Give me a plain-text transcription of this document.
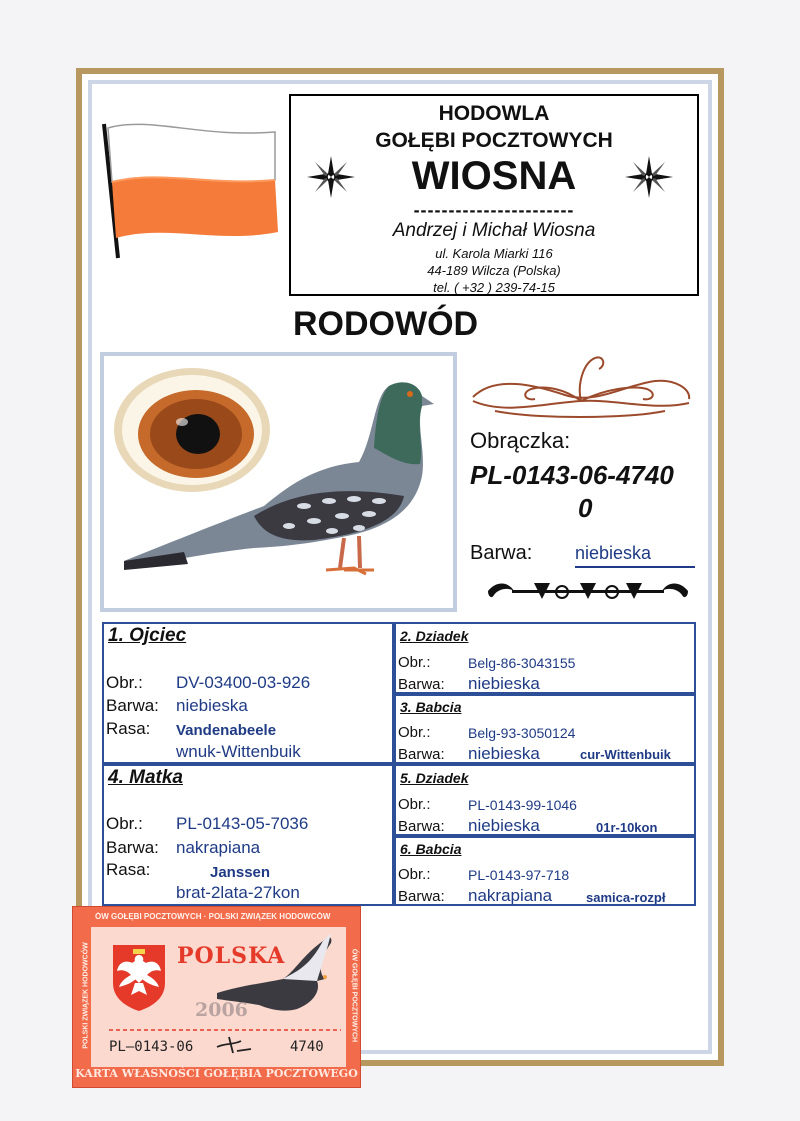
HODOWLA
GOŁĘBI POCZTOWYCH
WIOSNA
-----------------------
Andrzej i Michał Wiosna
ul. Karola Miarki 116
44-189 Wilcza (Polska)
tel. ( +32 ) 239-74-15
RODOWÓD
Obrączka:
PL-0143-06-4740
0
Barwa: niebieska
1. Ojciec
Obr.: DV-03400-03-926
Barwa: niebieska
Rasa: Vandenabeele
wnuk-Wittenbuik
4. Matka
Obr.: PL-0143-05-7036
Barwa: nakrapiana
Rasa:	Janssen
brat-2lata-27kon
2. Dziadek
Obr.:	Belg-86-3043155
Barwa: niebieska
3. Babcia
Obr.:	Belg-93-3050124
Barwa: niebieska	cur-Wittenbuik
5. Dziadek
Obr.:	PL-0143-99-1046
Barwa: niebieska	01r-10kon
6. Babcia
Obr.:	PL-0143-97-718
Barwa: nakrapiana	samica-rozpł
ÓW GOŁĘBI POCZTOWYCH · POLSKI ZWIĄZEK HODOWCÓW
POLSKI ZWIĄZEK HODOWCÓW	ÓW GOŁĘBI POCZTOWYCH
POLSKA
2006
PL–0143-06	4740
KARTA WŁASNOŚCI GOŁĘBIA POCZTOWEGO
